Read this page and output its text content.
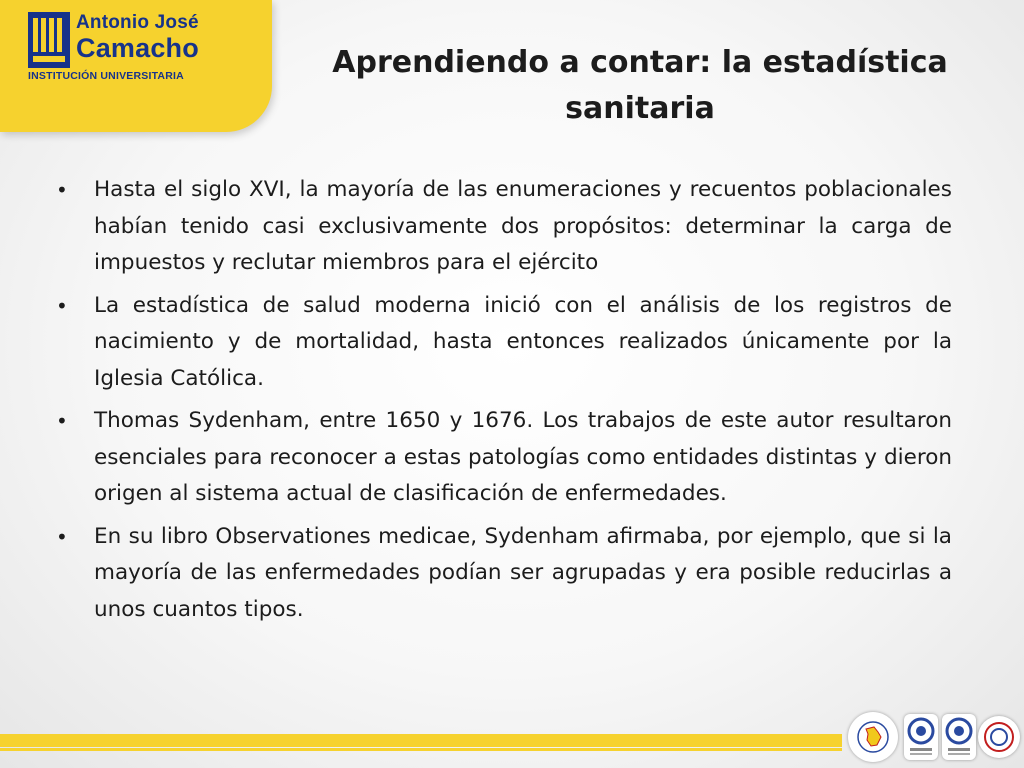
Antonio José
Camacho
INSTITUCIÓN UNIVERSITARIA	Aprendiendo a contar: la estadística sanitaria
• Hasta el siglo XVI, la mayoría de las enumeraciones y recuentos poblacionales habían tenido casi exclusivamente dos propósitos: determinar la carga de impuestos y reclutar miembros para el ejército
• La estadística de salud moderna inició con el análisis de los registros de nacimiento y de mortalidad, hasta entonces realizados únicamente por la Iglesia Católica.
• Thomas Sydenham, entre 1650 y 1676. Los trabajos de este autor resultaron esenciales para reconocer a estas patologías como entidades distintas y dieron origen al sistema actual de clasificación de enfermedades.
• En su libro Observationes medicae, Sydenham afirmaba, por ejemplo, que si la mayoría de las enfermedades podían ser agrupadas y era posible reducirlas a unos cuantos tipos.
